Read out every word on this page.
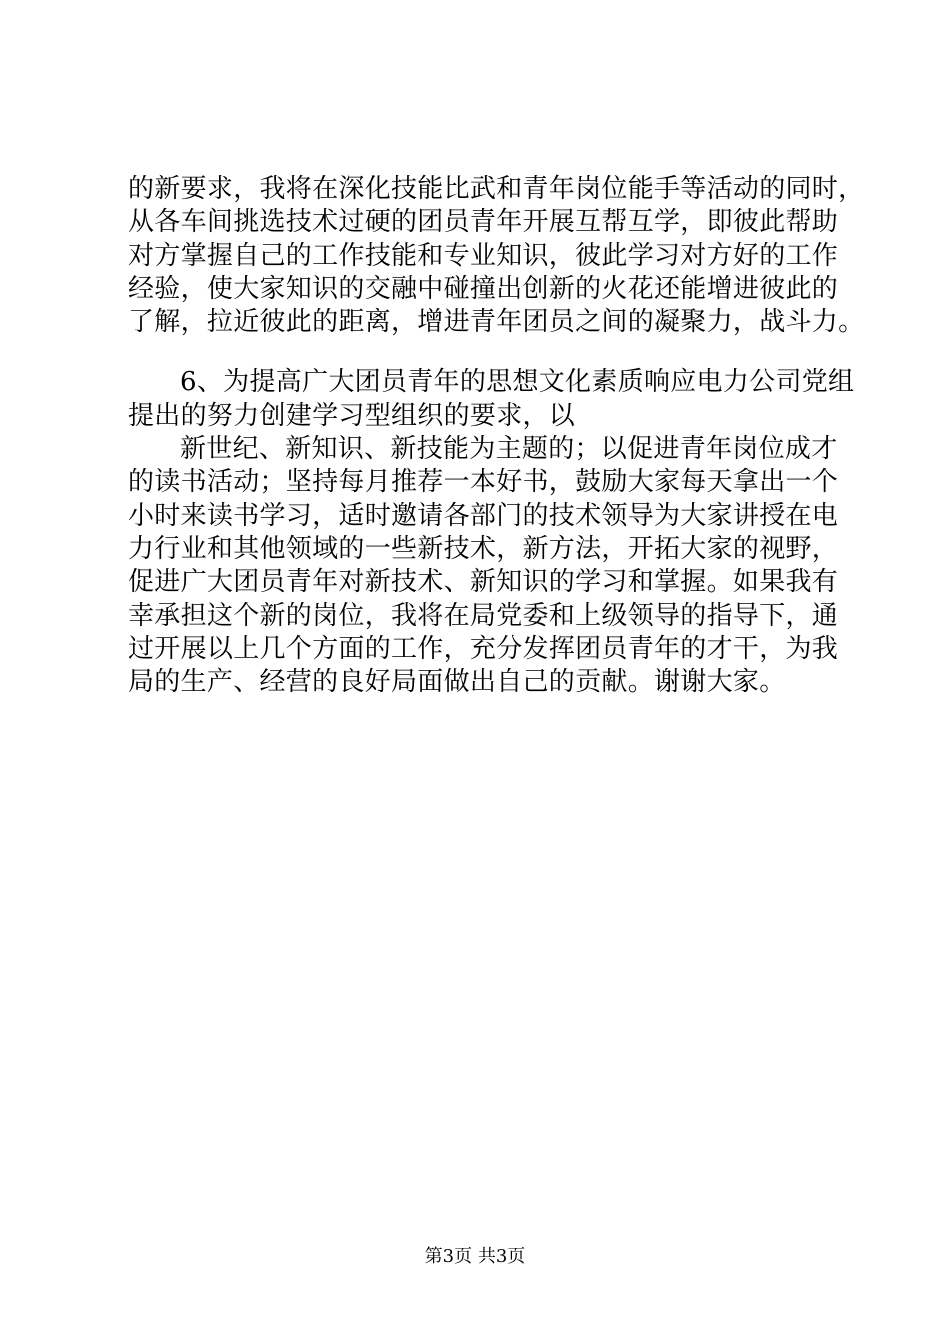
的新要求，我将在深化技能比武和青年岗位能手等活动的同时，
从各车间挑选技术过硬的团员青年开展互帮互学，即彼此帮助
对方掌握自己的工作技能和专业知识，彼此学习对方好的工作
经验，使大家知识的交融中碰撞出创新的火花还能增进彼此的
了解，拉近彼此的距离，增进青年团员之间的凝聚力，战斗力。
6、为提高广大团员青年的思想文化素质响应电力公司党组
提出的努力创建学习型组织的要求，以
新世纪、新知识、新技能为主题的；以促进青年岗位成才
的读书活动；坚持每月推荐一本好书，鼓励大家每天拿出一个
小时来读书学习，适时邀请各部门的技术领导为大家讲授在电
力行业和其他领域的一些新技术，新方法，开拓大家的视野，
促进广大团员青年对新技术、新知识的学习和掌握。如果我有
幸承担这个新的岗位，我将在局党委和上级领导的指导下，通
过开展以上几个方面的工作，充分发挥团员青年的才干，为我
局的生产、经营的良好局面做出自己的贡献。谢谢大家。
第3页 共3页
